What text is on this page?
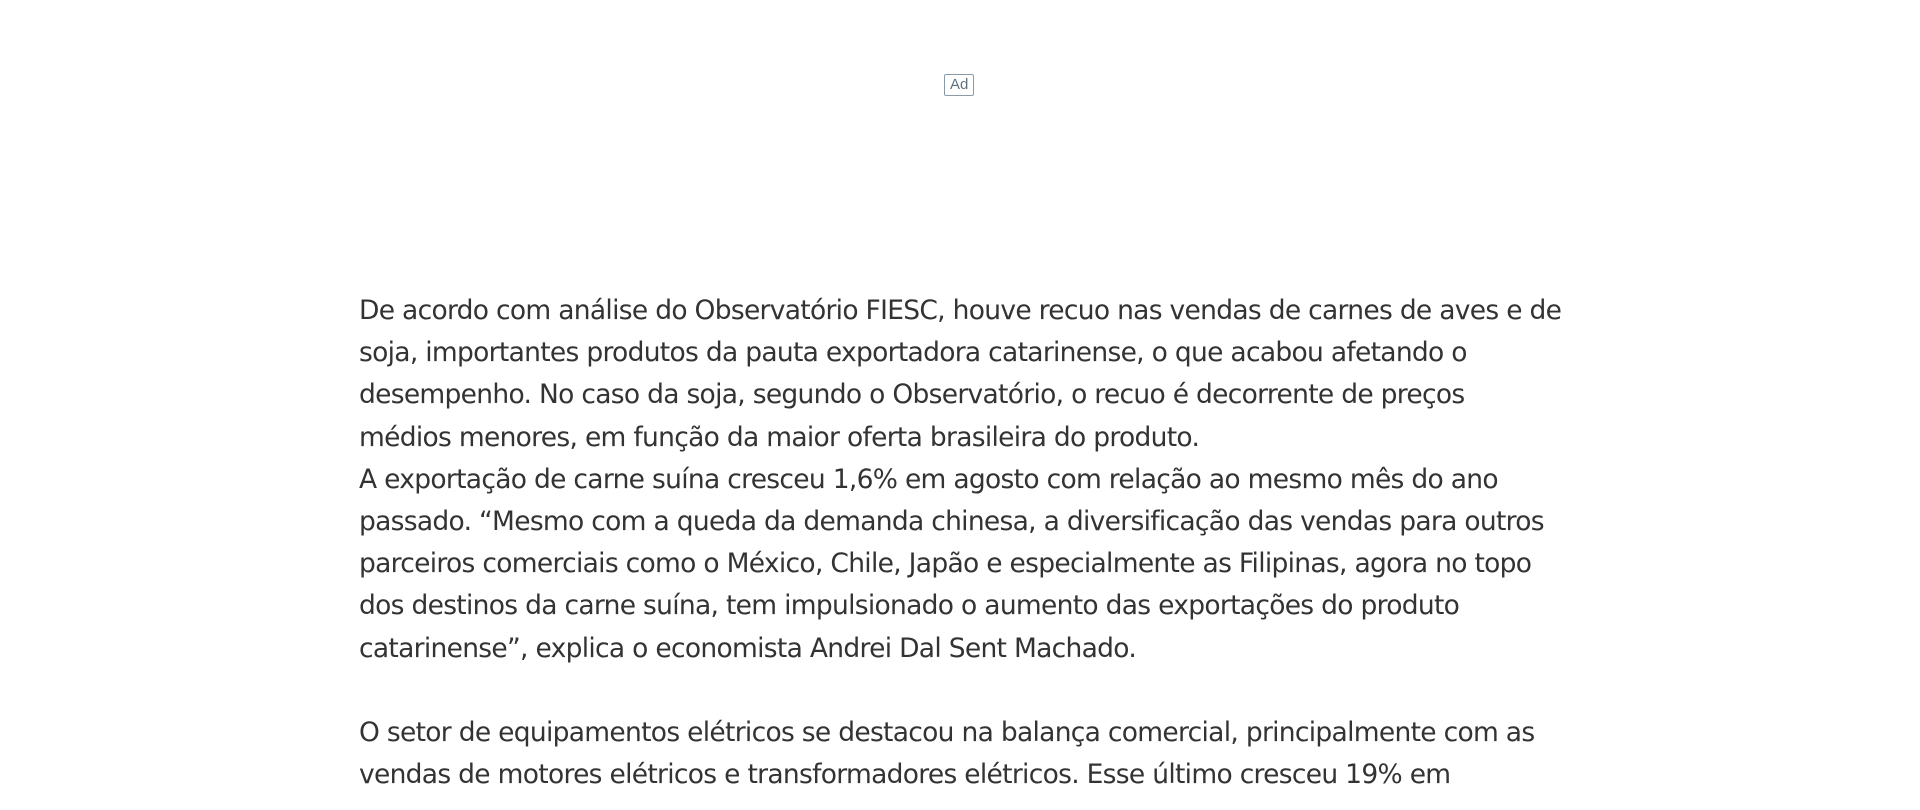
Ad

De acordo com análise do Observatório FIESC, houve recuo nas vendas de carnes de aves e de soja, importantes produtos da pauta exportadora catarinense, o que acabou afetando o desempenho. No caso da soja, segundo o Observatório, o recuo é decorrente de preços médios menores, em função da maior oferta brasileira do produto.

A exportação de carne suína cresceu 1,6% em agosto com relação ao mesmo mês do ano passado. “Mesmo com a queda da demanda chinesa, a diversificação das vendas para outros parceiros comerciais como o México, Chile, Japão e especialmente as Filipinas, agora no topo dos destinos da carne suína, tem impulsionado o aumento das exportações do produto catarinense”, explica o economista Andrei Dal Sent Machado.

O setor de equipamentos elétricos se destacou na balança comercial, principalmente com as vendas de motores elétricos e transformadores elétricos. Esse último cresceu 19% em
